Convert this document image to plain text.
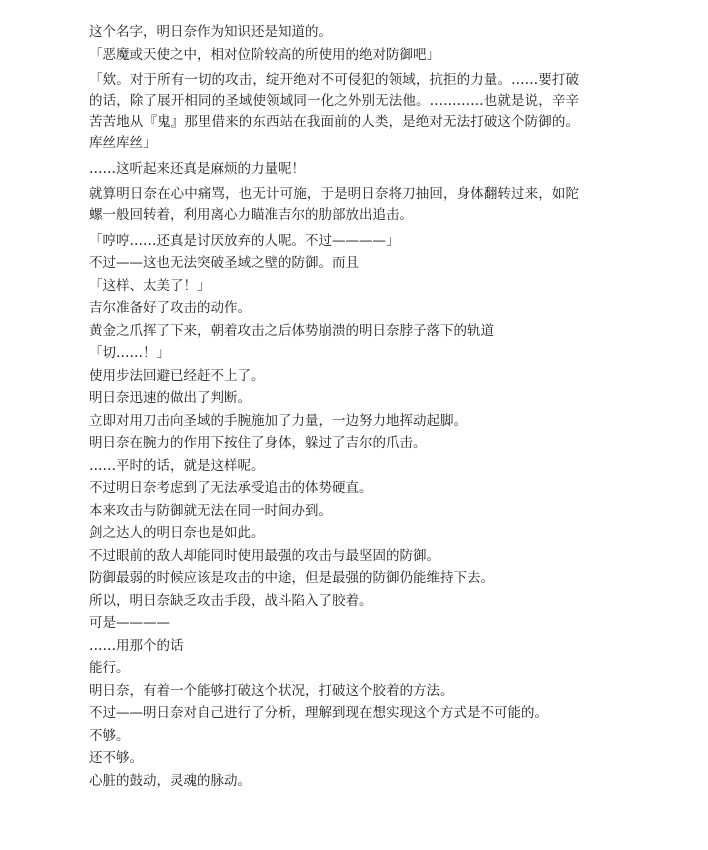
这个名字，明日奈作为知识还是知道的。

「恶魔或天使之中，相对位阶较高的所使用的绝对防御吧」

「欸。对于所有一切的攻击，绽开绝对不可侵犯的领域，抗拒的力量。……要打破的话，除了展开相同的圣域使领域同一化之外别无法他。…………也就是说，辛辛苦苦地从『鬼』那里借来的东西站在我面前的人类，是绝对无法打破这个防御的。库丝库丝」

……这听起来还真是麻烦的力量呢！

就算明日奈在心中痛骂，也无计可施，于是明日奈将刀抽回，身体翻转过来，如陀螺一般回转着，利用离心力瞄准吉尔的肋部放出追击。

「哼哼……还真是讨厌放弃的人呢。不过————」

不过——这也无法突破圣域之壁的防御。而且

「这样、太美了！」

吉尔准备好了攻击的动作。

黄金之爪挥了下来，朝着攻击之后体势崩溃的明日奈脖子落下的轨道

「切……！」

使用步法回避已经赶不上了。

明日奈迅速的做出了判断。

立即对用刀击向圣域的手腕施加了力量，一边努力地挥动起脚。

明日奈在腕力的作用下按住了身体，躲过了吉尔的爪击。

……平时的话，就是这样呢。

不过明日奈考虑到了无法承受追击的体势硬直。

本来攻击与防御就无法在同一时间办到。

剑之达人的明日奈也是如此。

不过眼前的敌人却能同时使用最强的攻击与最坚固的防御。

防御最弱的时候应该是攻击的中途，但是最强的防御仍能维持下去。

所以，明日奈缺乏攻击手段，战斗陷入了胶着。

可是————

……用那个的话

能行。

明日奈，有着一个能够打破这个状况，打破这个胶着的方法。

不过——明日奈对自己进行了分析，理解到现在想实现这个方式是不可能的。

不够。

还不够。

心脏的鼓动，灵魂的脉动。
